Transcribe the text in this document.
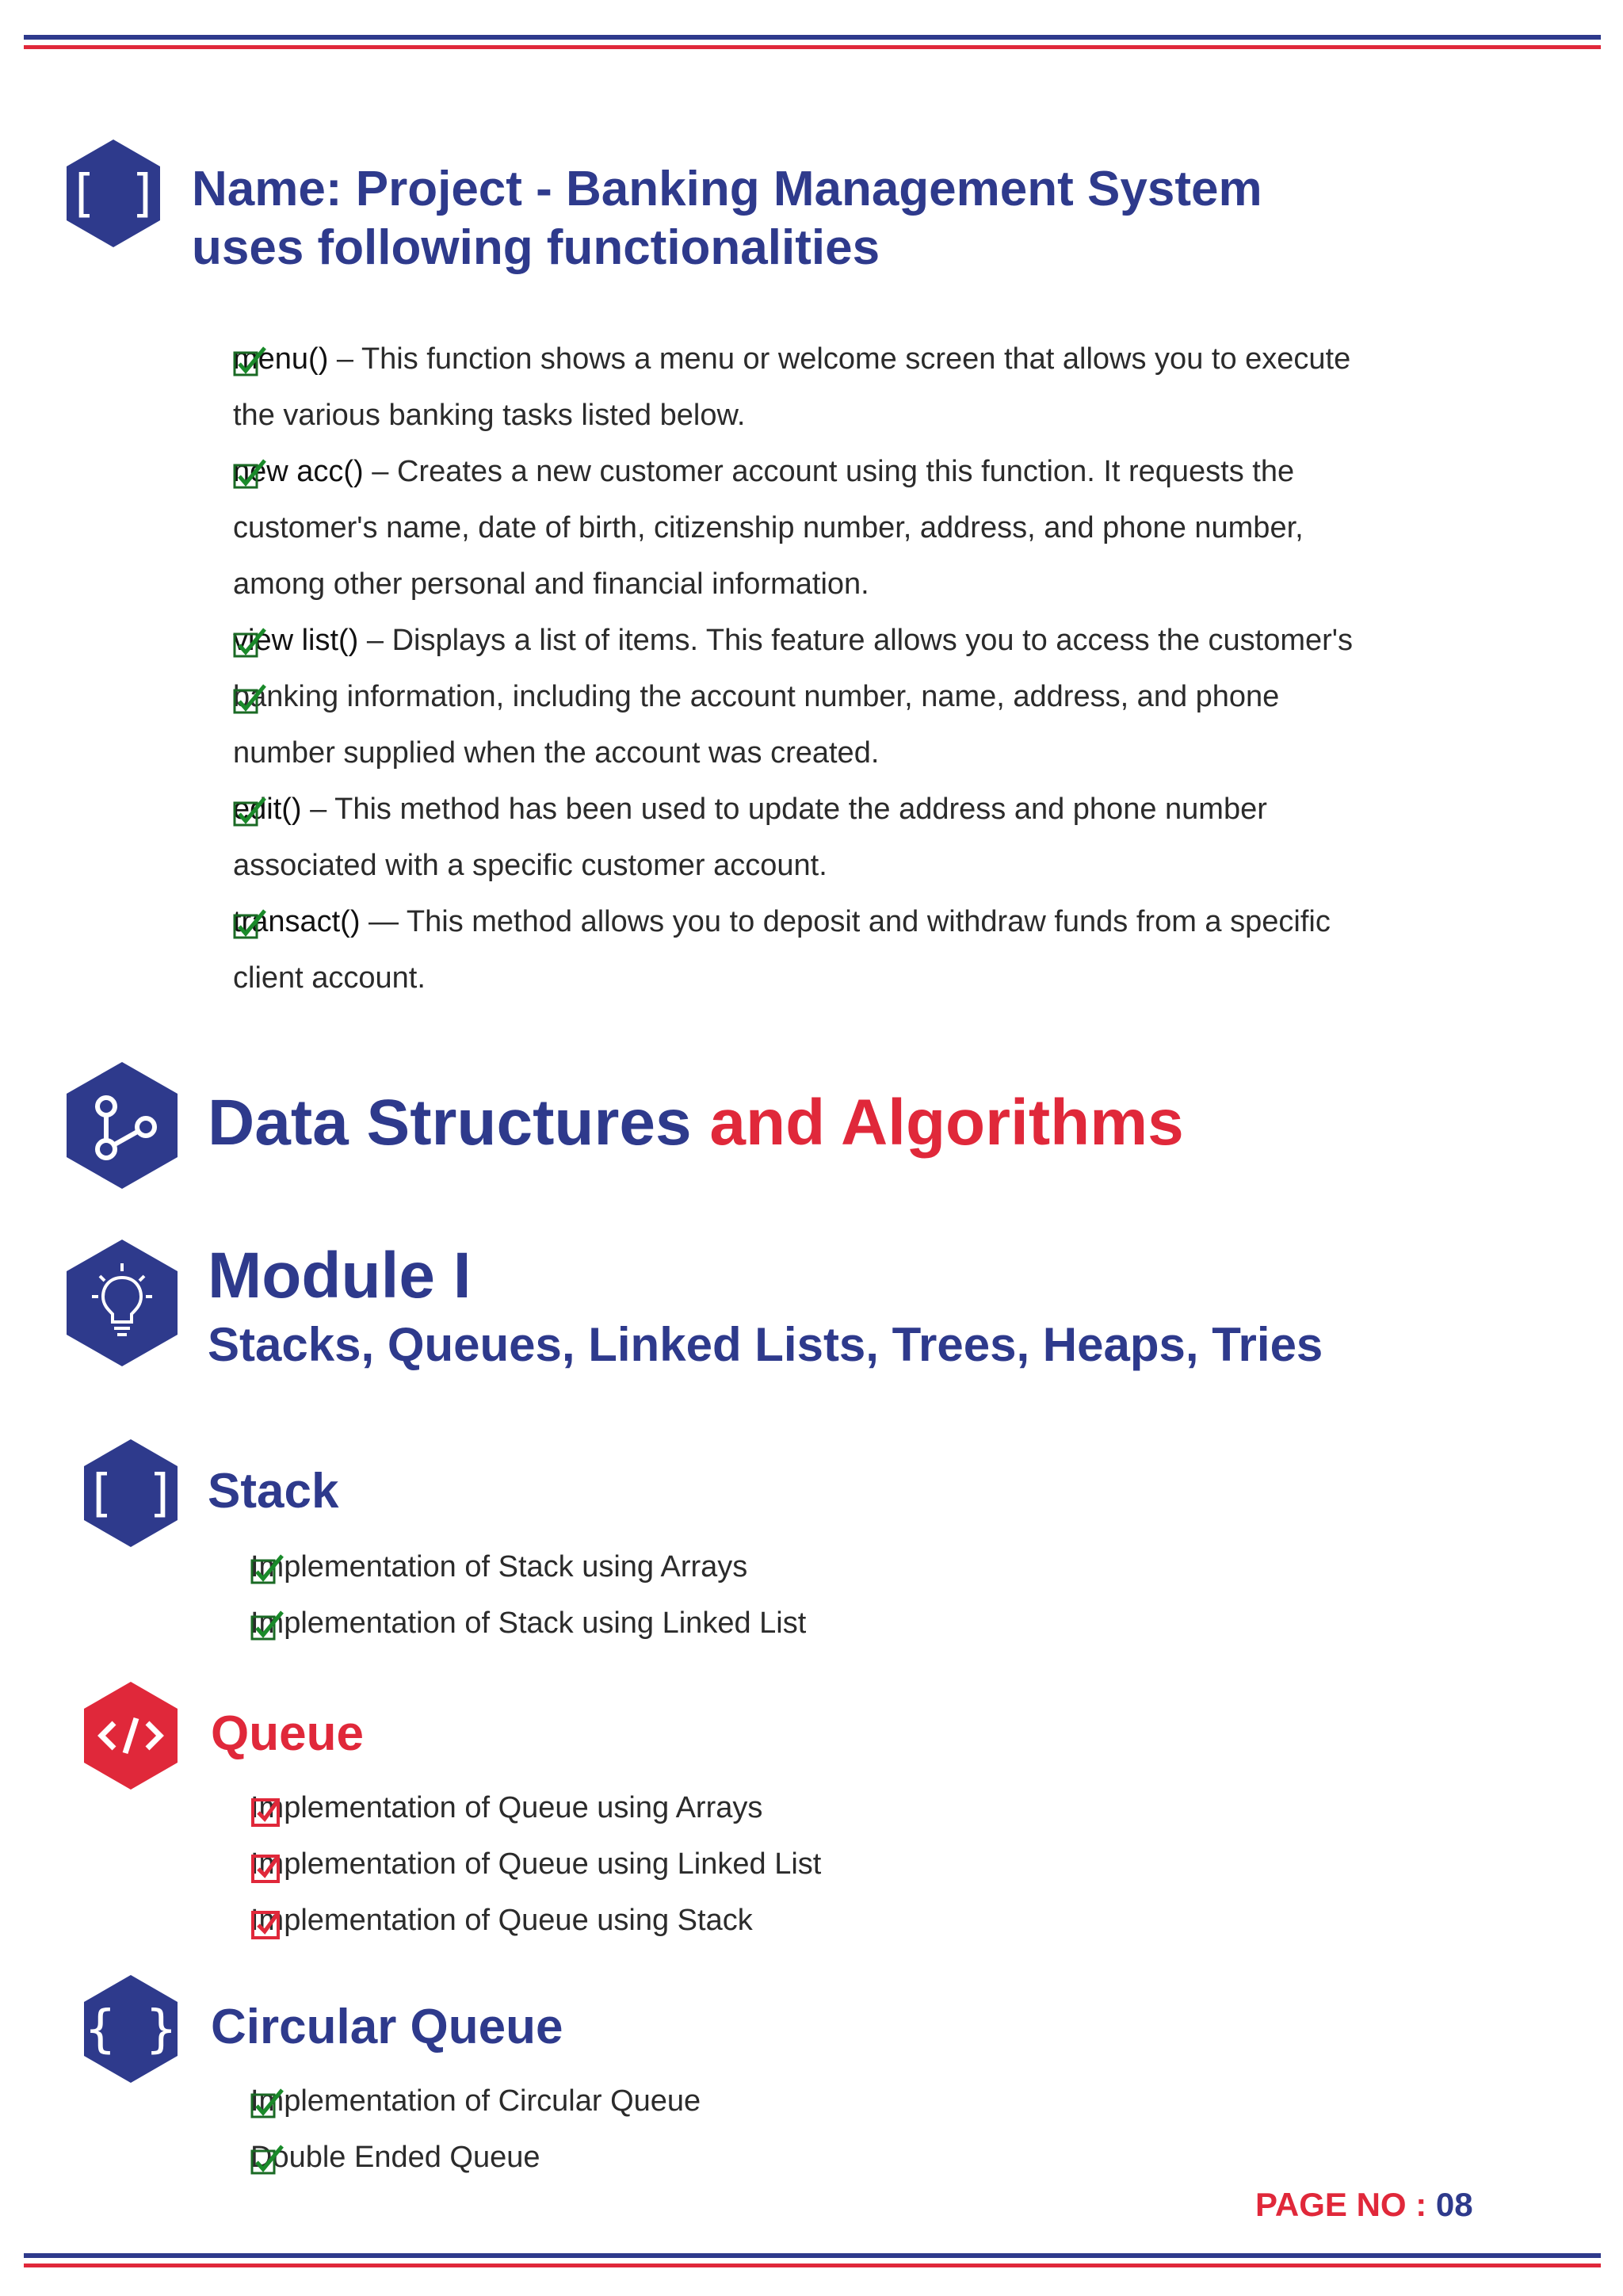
[ ] Name: Project - Banking Management System
uses following functionalities
menu() – This function shows a menu or welcome screen that allows you to execute
the various banking tasks listed below.
new acc() – Creates a new customer account using this function. It requests the
customer's name, date of birth, citizenship number, address, and phone number,
among other personal and financial information.
view list() – Displays a list of items. This feature allows you to access the customer's
banking information, including the account number, name, address, and phone
number supplied when the account was created.
edit() – This method has been used to update the address and phone number
associated with a specific customer account.
transact() — This method allows you to deposit and withdraw funds from a specific
client account.
Data Structures and Algorithms
Module I
Stacks, Queues, Linked Lists, Trees, Heaps, Tries
[ ] Stack
Implementation of Stack using Arrays
Implementation of Stack using Linked List
Queue
Implementation of Queue using Arrays
Implementation of Queue using Linked List
Implementation of Queue using Stack
{ } Circular Queue
Implementation of Circular Queue
Double Ended Queue
PAGE NO : 08
